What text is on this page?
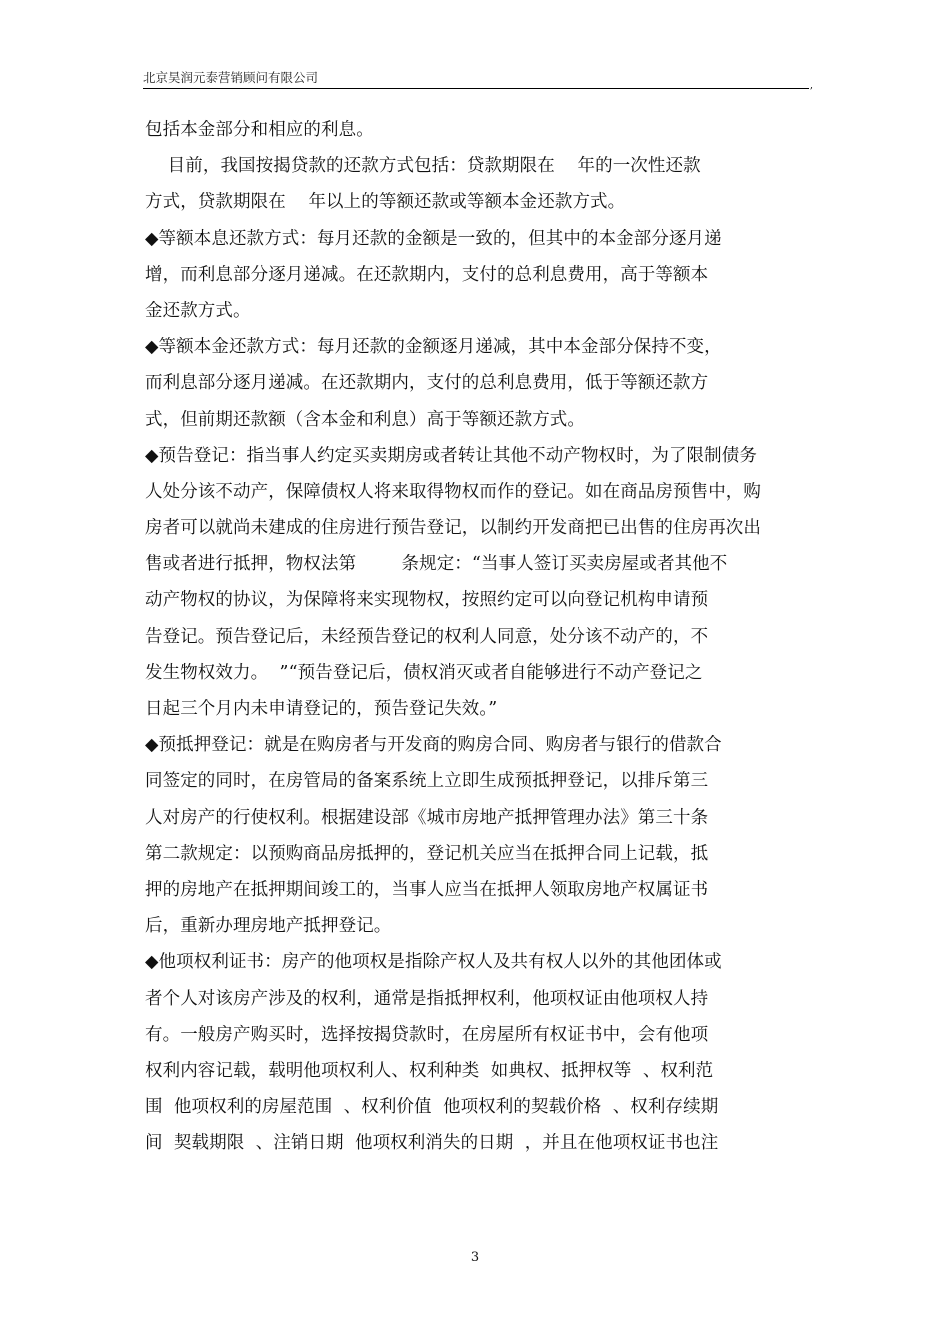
北京昊润元泰营销顾问有限公司
,
包括本金部分和相应的利息。
目前，我国按揭贷款的还款方式包括：贷款期限在    年的一次性还款
方式，贷款期限在    年以上的等额还款或等额本金还款方式。
◆等额本息还款方式：每月还款的金额是一致的，但其中的本金部分逐月递
增，而利息部分逐月递减。在还款期内，支付的总利息费用，高于等额本
金还款方式。
◆等额本金还款方式：每月还款的金额逐月递减，其中本金部分保持不变，
而利息部分逐月递减。在还款期内，支付的总利息费用，低于等额还款方
式，但前期还款额（含本金和利息）高于等额还款方式。
◆预告登记：指当事人约定买卖期房或者转让其他不动产物权时，为了限制债务
人处分该不动产，保障债权人将来取得物权而作的登记。如在商品房预售中，购
房者可以就尚未建成的住房进行预告登记，以制约开发商把已出售的住房再次出
售或者进行抵押，物权法第        条规定：“当事人签订买卖房屋或者其他不
动产物权的协议，为保障将来实现物权，按照约定可以向登记机构申请预
告登记。预告登记后，未经预告登记的权利人同意，处分该不动产的，不
发生物权效力。  ”“预告登记后，债权消灭或者自能够进行不动产登记之
日起三个月内未申请登记的，预告登记失效。”
◆预抵押登记：就是在购房者与开发商的购房合同、购房者与银行的借款合
同签定的同时，在房管局的备案系统上立即生成预抵押登记，以排斥第三
人对房产的行使权利。根据建设部《城市房地产抵押管理办法》第三十条
第二款规定：以预购商品房抵押的，登记机关应当在抵押合同上记载，抵
押的房地产在抵押期间竣工的，当事人应当在抵押人领取房地产权属证书
后，重新办理房地产抵押登记。
◆他项权利证书：房产的他项权是指除产权人及共有权人以外的其他团体或
者个人对该房产涉及的权利，通常是指抵押权利，他项权证由他项权人持
有。一般房产购买时，选择按揭贷款时，在房屋所有权证书中，会有他项
权利内容记载，载明他项权利人、权利种类  如典权、抵押权等  、权利范
围  他项权利的房屋范围  、权利价值  他项权利的契载价格  、权利存续期
间  契载期限  、注销日期  他项权利消失的日期  ，并且在他项权证书也注
3
